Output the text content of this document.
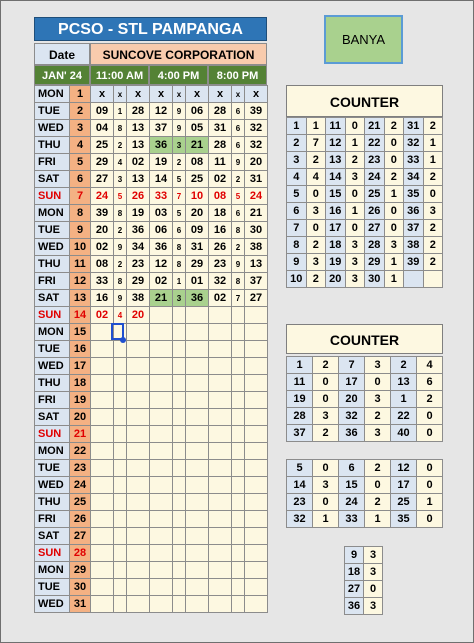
PCSO - STL PAMPANGA
Date	SUNCOVE CORPORATION
JAN' 24	11:00 AM	4:00 PM	8:00 PM
BANYA
MON	1	x	x	x	x	x	x	x	x	x
TUE	2	09	1	28	12	9	06	28	6	39
WED	3	04	8	13	37	9	05	31	6	32
THU	4	25	2	13	36	3	21	28	6	32
FRI	5	29	4	02	19	2	08	11	9	20
SAT	6	27	3	13	14	5	25	02	2	31
SUN	7	24	5	26	33	7	10	08	5	24
MON	8	39	8	19	03	5	20	18	6	21
TUE	9	20	2	36	06	6	09	16	8	30
WED	10	02	9	34	36	8	31	26	2	38
THU	11	08	2	23	12	8	29	23	9	13
FRI	12	33	8	29	02	1	01	32	8	37
SAT	13	16	9	38	21	3	36	02	7	27
SUN	14	02	4	20						
MON	15									
TUE	16									
WED	17									
THU	18									
FRI	19									
SAT	20									
SUN	21									
MON	22									
TUE	23									
WED	24									
THU	25									
FRI	26									
SAT	27									
SUN	28									
MON	29									
TUE	30									
WED	31									
COUNTER
1	1	11	0	21	2	31	2
2	7	12	1	22	0	32	1
3	2	13	2	23	0	33	1
4	4	14	3	24	2	34	2
5	0	15	0	25	1	35	0
6	3	16	1	26	0	36	3
7	0	17	0	27	0	37	2
8	2	18	3	28	3	38	2
9	3	19	3	29	1	39	2
10	2	20	3	30	1		
COUNTER
1	2	7	3	2	4
11	0	17	0	13	6
19	0	20	3	1	2
28	3	32	2	22	0
37	2	36	3	40	0
5	0	6	2	12	0
14	3	15	0	17	0
23	0	24	2	25	1
32	1	33	1	35	0
9	3
18	3
27	0
36	3
